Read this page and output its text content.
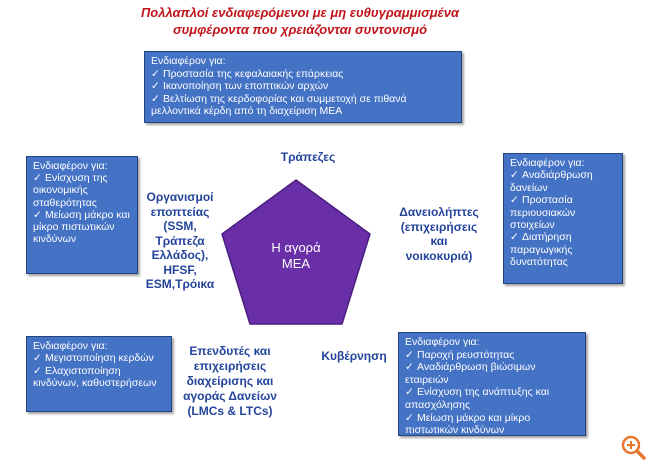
Πολλαπλοί ενδιαφερόμενοι με μη ευθυγραμμισμένα
συμφέροντα που χρειάζονται συντονισμό
Ενδιαφέρον για:
✓ Προστασία της κεφαλαιακής επάρκειας
✓ Ικανοποίηση των εποπτικών αρχών
✓ Βελτίωση της κερδοφορίας και συμμετοχή σε πιθανά μελλοντικά κέρδη από τη διαχείριση ΜΕΑ
Τράπεζες
Ενδιαφέρον για:
✓ Ενίσχυση της οικονομικής σταθερότητας
✓ Μείωση μάκρο και μίκρο πιστωτικών κινδύνων
Οργανισμοί
εποπτείας
(SSM,
Τράπεζα
Ελλάδος),
HFSF,
ESM,Τρόικα
Η αγορά
ΜΕΑ
Δανειολήπτες
(επιχειρήσεις
και
νοικοκυριά)
Ενδιαφέρον για:
✓ Αναδιάρθρωση δανείων
✓ Προστασία περιουσιακών στοιχείων
✓ Διατήρηση παραγωγικής δυνατότητας
Ενδιαφέρον για:
✓ Μεγιστοποίηση κερδών
✓ Ελαχιστοποίηση κινδύνων, καθυστερήσεων
Επενδυτές και
επιχειρήσεις
διαχείρισης και
αγοράς Δανείων
(LMCs & LTCs)
Κυβέρνηση
Ενδιαφέρον για:
✓ Παροχή ρευστότητας
✓ Αναδιάρθρωση βιώσιμων εταιρειών
✓ Ενίσχυση της ανάπτυξης και απασχόλησης
✓ Μείωση μάκρο και μίκρο πιστωτικών κινδύνων
